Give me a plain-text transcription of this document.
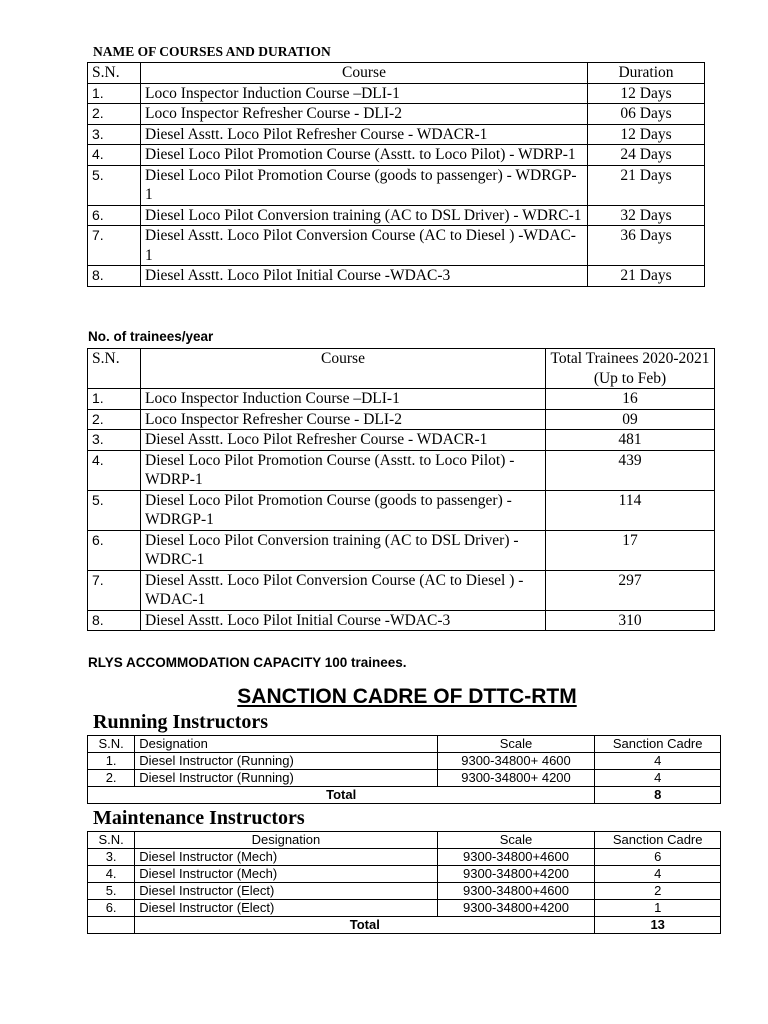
NAME OF COURSES AND DURATION
S.N.	Course	Duration
1.	Loco Inspector Induction Course –DLI-1	12 Days
2.	Loco Inspector Refresher Course - DLI-2	06 Days
3.	Diesel Asstt. Loco Pilot Refresher Course - WDACR-1	12 Days
4.	Diesel Loco Pilot Promotion Course (Asstt. to Loco Pilot) - WDRP-1	24 Days
5.	Diesel Loco Pilot Promotion Course (goods to passenger) - WDRGP-1	21 Days
6.	Diesel Loco Pilot Conversion training (AC to DSL Driver) - WDRC-1	32 Days
7.	Diesel Asstt. Loco Pilot Conversion Course (AC to Diesel ) -WDAC-1	36 Days
8.	Diesel Asstt. Loco Pilot Initial Course -WDAC-3	21 Days
No. of trainees/year
S.N.	Course	Total Trainees 2020-2021 (Up to Feb)
1.	Loco Inspector Induction Course –DLI-1	16
2.	Loco Inspector Refresher Course - DLI-2	09
3.	Diesel Asstt. Loco Pilot Refresher Course - WDACR-1	481
4.	Diesel Loco Pilot Promotion Course (Asstt. to Loco Pilot) - WDRP-1	439
5.	Diesel Loco Pilot Promotion Course (goods to passenger) - WDRGP-1	114
6.	Diesel Loco Pilot Conversion training (AC to DSL Driver) - WDRC-1	17
7.	Diesel Asstt. Loco Pilot Conversion Course (AC to Diesel ) -WDAC-1	297
8.	Diesel Asstt. Loco Pilot Initial Course -WDAC-3	310
RLYS ACCOMMODATION CAPACITY 100 trainees.
SANCTION CADRE OF DTTC-RTM
Running Instructors
S.N.	Designation	Scale	Sanction Cadre
1.	Diesel Instructor (Running)	9300-34800+ 4600	4
2.	Diesel Instructor (Running)	9300-34800+ 4200	4
Total			8
Maintenance Instructors
S.N.	Designation	Scale	Sanction Cadre
3.	Diesel Instructor (Mech)	9300-34800+4600	6
4.	Diesel Instructor (Mech)	9300-34800+4200	4
5.	Diesel Instructor (Elect)	9300-34800+4600	2
6.	Diesel Instructor (Elect)	9300-34800+4200	1
	Total		13
